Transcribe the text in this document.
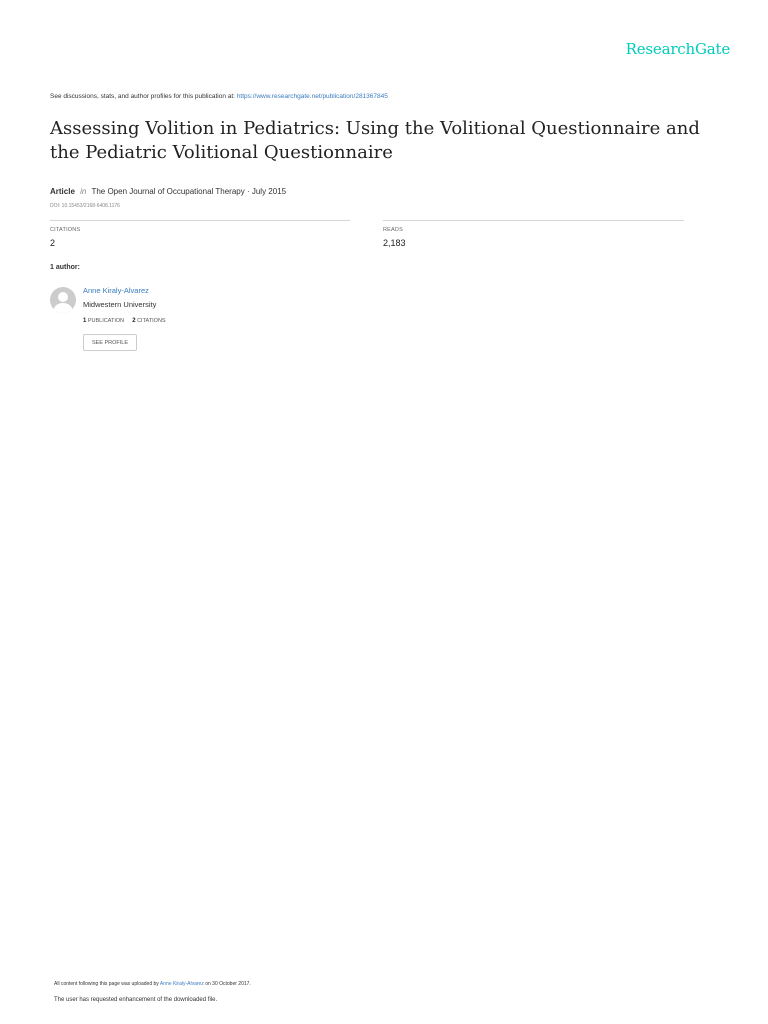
ResearchGate
See discussions, stats, and author profiles for this publication at: https://www.researchgate.net/publication/281367845
Assessing Volition in Pediatrics: Using the Volitional Questionnaire and the Pediatric Volitional Questionnaire
Article in The Open Journal of Occupational Therapy · July 2015
DOI: 10.15453/2168-6408.1176
CITATIONS
2
READS
2,183
1 author:
Anne Kiraly-Alvarez
Midwestern University
1 PUBLICATION 2 CITATIONS
SEE PROFILE
All content following this page was uploaded by Anne Kiraly-Alvarez on 30 October 2017.
The user has requested enhancement of the downloaded file.
